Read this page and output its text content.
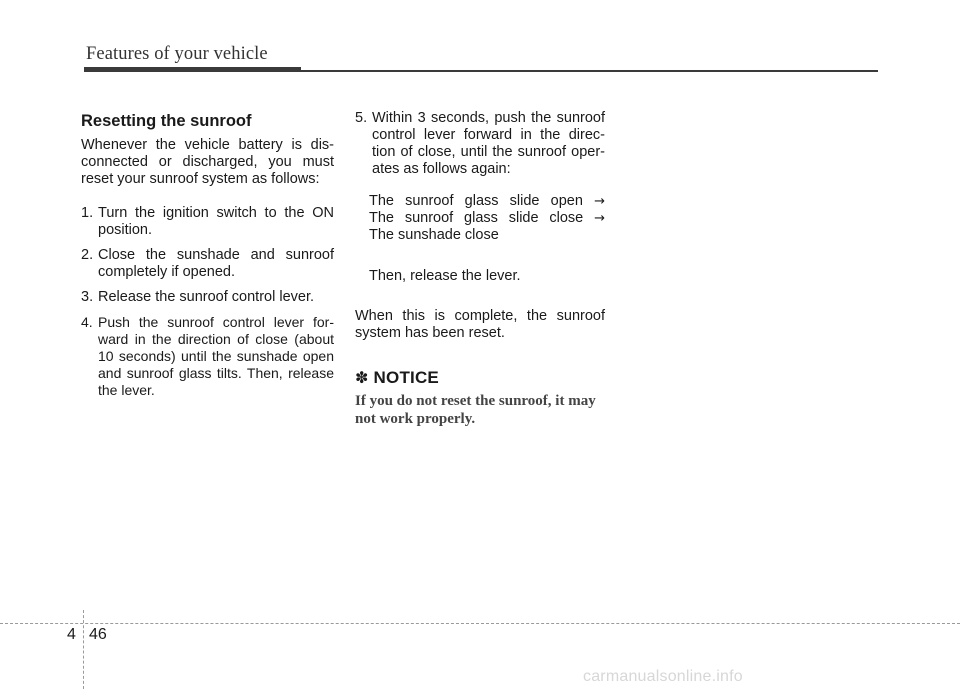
Features of your vehicle
Resetting the sunroof

Whenever the vehicle battery is dis-connected or discharged, you must reset your sunroof system as follows:

1. Turn the ignition switch to the ON position.
2. Close the sunshade and sunroof completely if opened.
3. Release the sunroof control lever.
4. Push the sunroof control lever for-ward in the direction of close (about 10 seconds) until the sunshade open and sunroof glass tilts. Then, release the lever.
5. Within 3 seconds, push the sunroof control lever forward in the direc-tion of close, until the sunroof oper-ates as follows again:
The sunroof glass slide open →
The sunroof glass slide close →
The sunshade close

Then, release the lever.

When this is complete, the sunroof system has been reset.

✽ NOTICE
If you do not reset the sunroof, it may not work properly.
4 46
carmanualsonline.info
